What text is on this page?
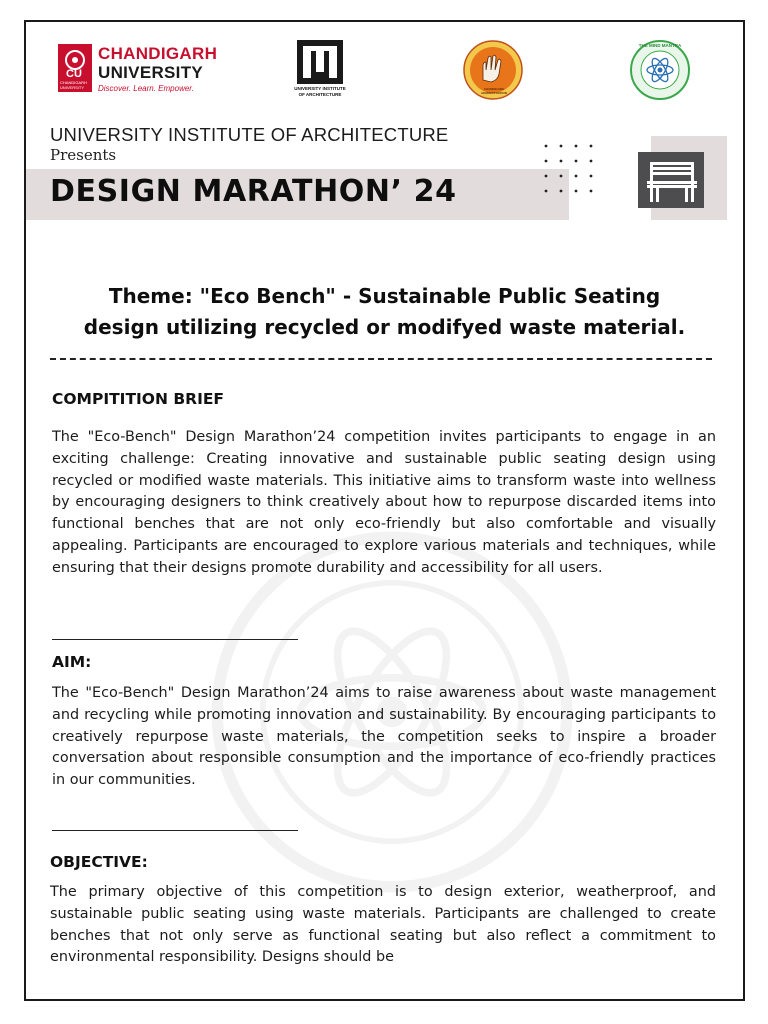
CU
CHANDIGARH UNIVERSITY
CHANDIGARH
UNIVERSITY
Discover. Learn. Empower.	UNIVERSITY INSTITUTE
OF ARCHITECTURE
CHANDIGARH ADMINISTRATION
THE MIND MANTRA
UNIVERSITY INSTITUTE OF ARCHITECTURE
Presents
DESIGN MARATHON’ 24
Theme: "Eco Bench" - Sustainable Public Seating
design utilizing recycled or modifyed waste material.
COMPITITION BRIEF

The "Eco-Bench" Design Marathon’24 competition invites participants to engage in an exciting challenge: Creating innovative and sustainable public seating design using recycled or modified waste materials. This initiative aims to transform waste into wellness by encouraging designers to think creatively about how to repurpose discarded items into functional benches that are not only eco-friendly but also comfortable and visually appealing. Participants are encouraged to explore various materials and techniques, while ensuring that their designs promote durability and accessibility for all users.

AIM:

The "Eco-Bench" Design Marathon’24 aims to raise awareness about waste management and recycling while promoting innovation and sustainability. By encouraging participants to creatively repurpose waste materials, the competition seeks to inspire a broader conversation about responsible consumption and the importance of eco-friendly practices in our communities.

OBJECTIVE:

The primary objective of this competition is to design exterior, weatherproof, and sustainable public seating using waste materials. Participants are challenged to create benches that not only serve as functional seating but also reflect a commitment to environmental responsibility. Designs should be
